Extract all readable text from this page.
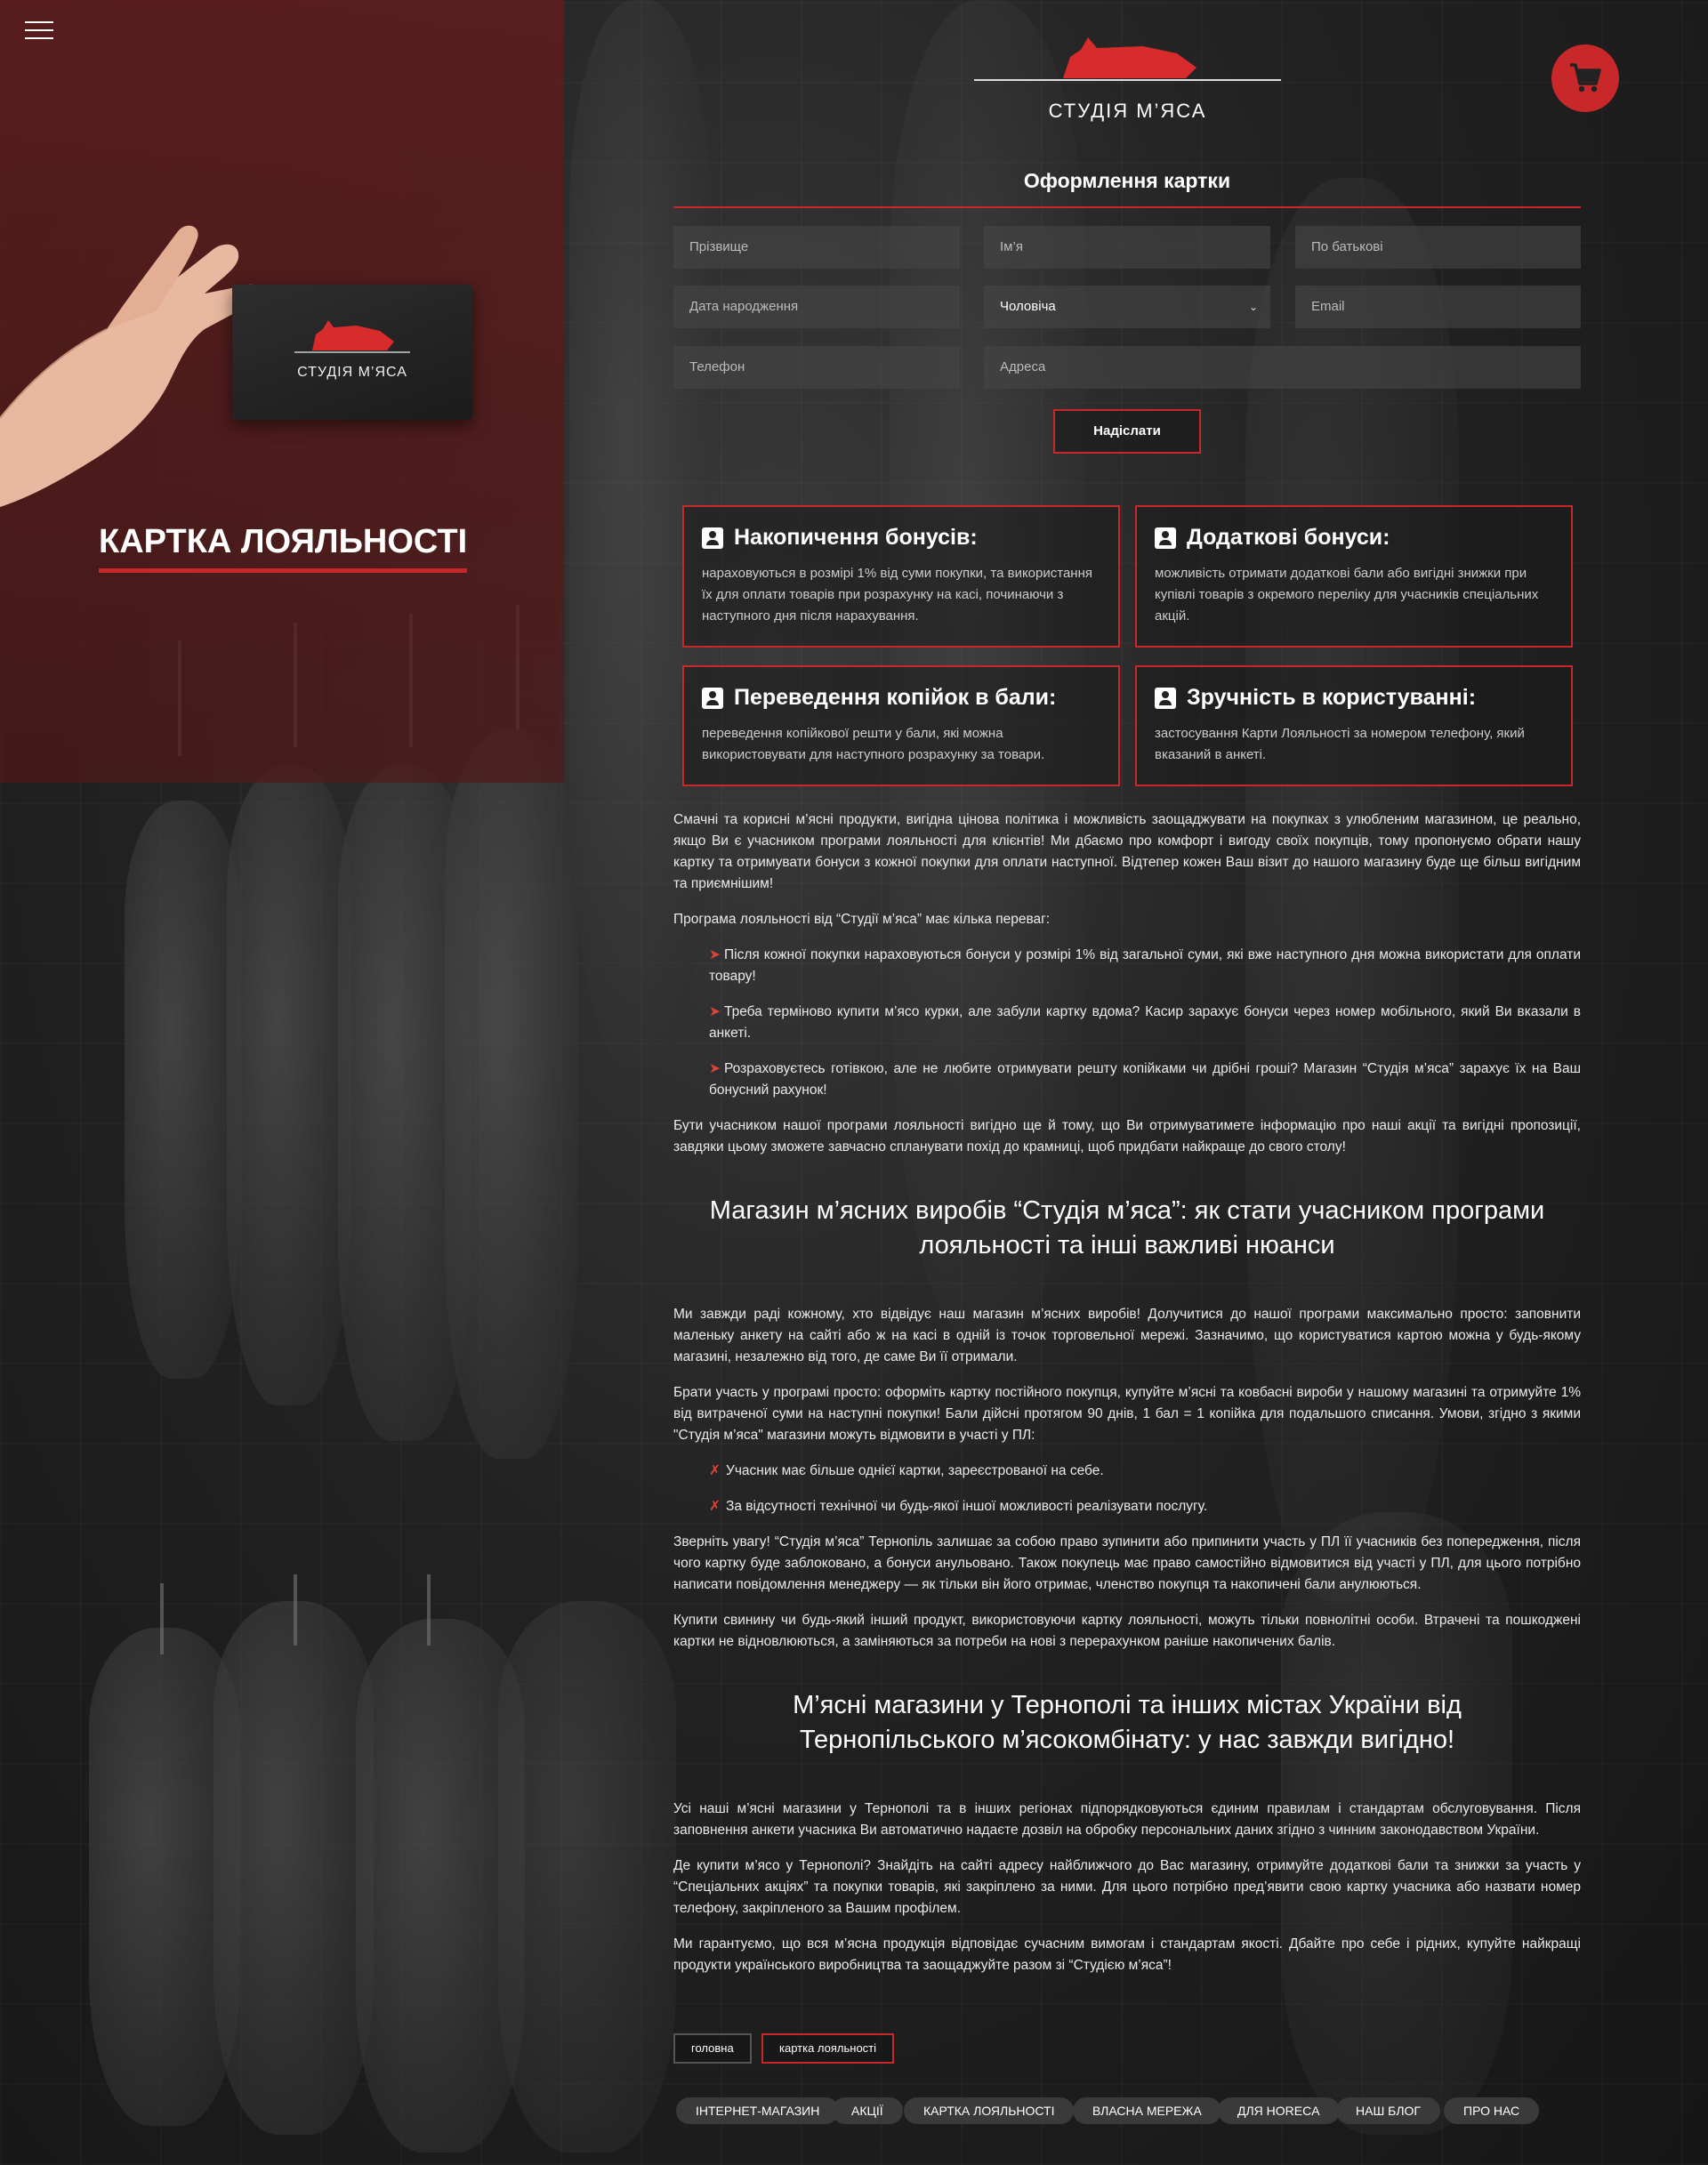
СТУДІЯ М’ЯСА
КАРТКА ЛОЯЛЬНОСТІ
СТУДІЯ М’ЯСА
Оформлення картки
Прізвище	Ім’я	По батькові
Дата народження	Чоловіча	⌄	Email
Телефон	Адреса
Надіслати
Накопичення бонусів:

нараховуються в розмірі 1% від суми покупки, та використання їх для оплати товарів при розрахунку на касі, починаючи з наступного дня після нарахування.

Додаткові бонуси:

можливість отримати додаткові бали або вигідні знижки при купівлі товарів з окремого переліку для учасників спеціальних акцій.

Переведення копійок в бали:

переведення копійкової решти у бали, які можна використовувати для наступного розрахунку за товари.

Зручність в користуванні:

застосування Карти Лояльності за номером телефону, який вказаний в анкеті.

Смачні та корисні м’ясні продукти, вигідна цінова політика і можливість заощаджувати на покупках з улюбленим магазином, це реально, якщо Ви є учасником програми лояльності для клієнтів! Ми дбаємо про комфорт і вигоду своїх покупців, тому пропонуємо обрати нашу картку та отримувати бонуси з кожної покупки для оплати наступної. Відтепер кожен Ваш візит до нашого магазину буде ще більш вигідним та приємнішим!

Програма лояльності від “Студії м’яса” має кілька переваг:

➤ Після кожної покупки нараховуються бонуси у розмірі 1% від загальної суми, які вже наступного дня можна використати для оплати товару!
➤ Треба терміново купити м’ясо курки, але забули картку вдома? Касир зарахує бонуси через номер мобільного, який Ви вказали в анкеті.
➤ Розраховуєтесь готівкою, але не любите отримувати решту копійками чи дрібні гроші? Магазин “Студія м’яса” зарахує їх на Ваш бонусний рахунок!

Бути учасником нашої програми лояльності вигідно ще й тому, що Ви отримуватимете інформацію про наші акції та вигідні пропозиції, завдяки цьому зможете завчасно спланувати похід до крамниці, щоб придбати найкраще до свого столу!

Магазин м’ясних виробів “Студія м’яса”: як стати учасником програми лояльності та інші важливі нюанси

Ми завжди раді кожному, хто відвідує наш магазин м’ясних виробів! Долучитися до нашої програми максимально просто: заповнити маленьку анкету на сайті або ж на касі в одній із точок торговельної мережі. Зазначимо, що користуватися картою можна у будь-якому магазині, незалежно від того, де саме Ви її отримали.

Брати участь у програмі просто: оформіть картку постійного покупця, купуйте м’ясні та ковбасні вироби у нашому магазині та отримуйте 1% від витраченої суми на наступні покупки! Бали дійсні протягом 90 днів, 1 бал = 1 копійка для подальшого списання. Умови, згідно з якими "Студія м’яса" магазини можуть відмовити в участі у ПЛ:

✗ Учасник має більше однієї картки, зареєстрованої на себе.
✗ За відсутності технічної чи будь-якої іншої можливості реалізувати послугу.

Зверніть увагу! “Студія м’яса” Тернопіль залишає за собою право зупинити або припинити участь у ПЛ її учасників без попередження, після чого картку буде заблоковано, а бонуси анульовано. Також покупець має право самостійно відмовитися від участі у ПЛ, для цього потрібно написати повідомлення менеджеру — як тільки він його отримає, членство покупця та накопичені бали анулюються.

Купити свинину чи будь-який інший продукт, використовуючи картку лояльності, можуть тільки повнолітні особи. Втрачені та пошкоджені картки не відновлюються, а заміняються за потреби на нові з перерахунком раніше накопичених балів.

М’ясні магазини у Тернополі та інших містах України від Тернопільського м’ясокомбінату: у нас завжди вигідно!

Усі наші м’ясні магазини у Тернополі та в інших регіонах підпорядковуються єдиним правилам і стандартам обслуговування. Після заповнення анкети учасника Ви автоматично надаєте дозвіл на обробку персональних даних згідно з чинним законодавством України.

Де купити м’ясо у Тернополі? Знайдіть на сайті адресу найближчого до Вас магазину, отримуйте додаткові бали та знижки за участь у “Спеціальних акціях” та покупки товарів, які закріплено за ними. Для цього потрібно пред’явити свою картку учасника або назвати номер телефону, закріпленого за Вашим профілем.

Ми гарантуємо, що вся м’ясна продукція відповідає сучасним вимогам і стандартам якості. Дбайте про себе і рідних, купуйте найкращі продукти українського виробництва та заощаджуйте разом зі “Студією м’яса”!

головна	картка лояльності
ІНТЕРНЕТ-МАГАЗИН	АКЦІЇ	КАРТКА ЛОЯЛЬНОСТІ	ВЛАСНА МЕРЕЖА	ДЛЯ HORECA	НАШ БЛОГ	ПРО НАС
